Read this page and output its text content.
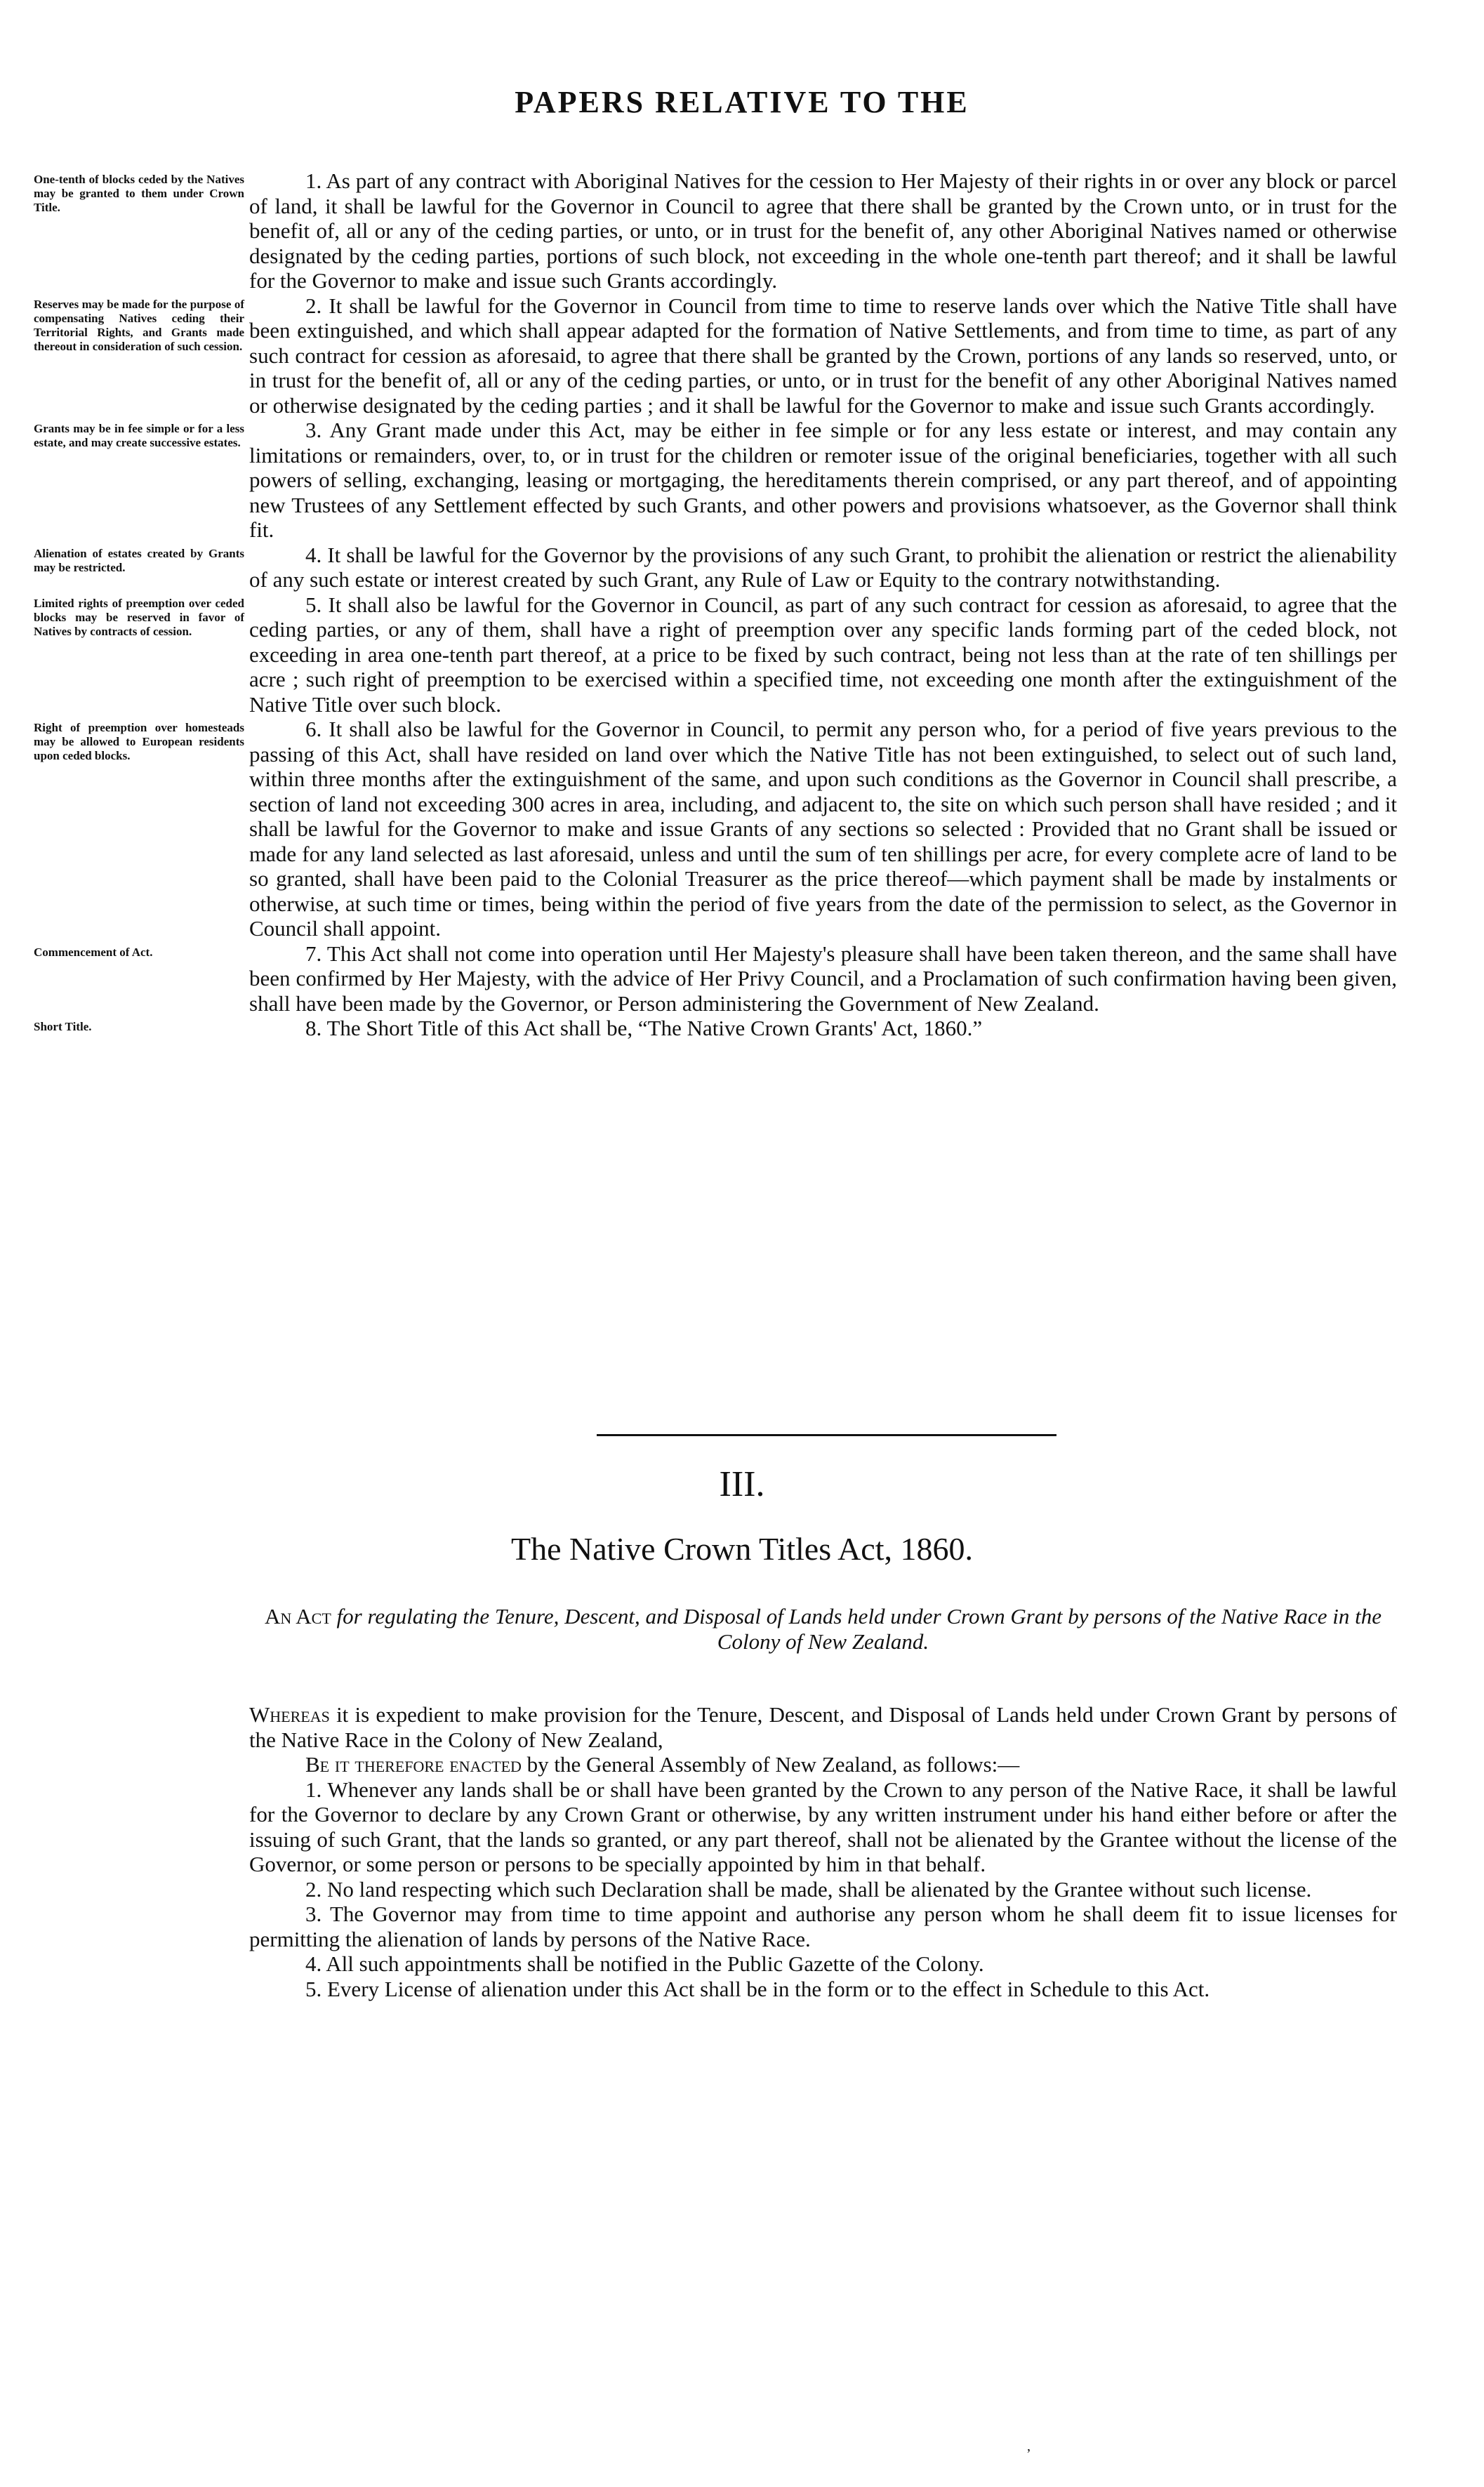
PAPERS RELATIVE TO THE
One-tenth of blocks ceded by the Natives may be granted to them under Crown Title.
1. As part of any contract with Aboriginal Natives for the cession to Her Majesty of their rights in or over any block or parcel of land, it shall be lawful for the Governor in Council to agree that there shall be granted by the Crown unto, or in trust for the benefit of, all or any of the ceding parties, or unto, or in trust for the benefit of, any other Aboriginal Natives named or otherwise designated by the ceding parties, portions of such block, not exceeding in the whole one-tenth part thereof; and it shall be lawful for the Governor to make and issue such Grants accordingly.
Reserves may be made for the purpose of compensating Natives ceding their Territorial Rights, and Grants made thereout in consideration of such cession.
2. It shall be lawful for the Governor in Council from time to time to reserve lands over which the Native Title shall have been extinguished, and which shall appear adapted for the formation of Native Settlements, and from time to time, as part of any such contract for cession as aforesaid, to agree that there shall be granted by the Crown, portions of any lands so reserved, unto, or in trust for the benefit of, all or any of the ceding parties, or unto, or in trust for the benefit of any other Aboriginal Natives named or otherwise designated by the ceding parties ; and it shall be lawful for the Governor to make and issue such Grants accordingly.
Grants may be in fee simple or for a less estate, and may create successive estates.
3. Any Grant made under this Act, may be either in fee simple or for any less estate or interest, and may contain any limitations or remainders, over, to, or in trust for the children or remoter issue of the original beneficiaries, together with all such powers of selling, exchanging, leasing or mortgaging, the hereditaments therein comprised, or any part thereof, and of appointing new Trustees of any Settlement effected by such Grants, and other powers and provisions whatsoever, as the Governor shall think fit.
Alienation of estates created by Grants may be restricted.
4. It shall be lawful for the Governor by the provisions of any such Grant, to prohibit the alienation or restrict the alienability of any such estate or interest created by such Grant, any Rule of Law or Equity to the contrary notwithstanding.
Limited rights of preemption over ceded blocks may be reserved in favor of Natives by contracts of cession.
5. It shall also be lawful for the Governor in Council, as part of any such contract for cession as aforesaid, to agree that the ceding parties, or any of them, shall have a right of preemption over any specific lands forming part of the ceded block, not exceeding in area one-tenth part thereof, at a price to be fixed by such contract, being not less than at the rate of ten shillings per acre ; such right of preemption to be exercised within a specified time, not exceeding one month after the extinguishment of the Native Title over such block.
Right of preemption over homesteads may be allowed to European residents upon ceded blocks.
6. It shall also be lawful for the Governor in Council, to permit any person who, for a period of five years previous to the passing of this Act, shall have resided on land over which the Native Title has not been extinguished, to select out of such land, within three months after the extinguishment of the same, and upon such conditions as the Governor in Council shall prescribe, a section of land not exceeding 300 acres in area, including, and adjacent to, the site on which such person shall have resided ; and it shall be lawful for the Governor to make and issue Grants of any sections so selected : Provided that no Grant shall be issued or made for any land selected as last aforesaid, unless and until the sum of ten shillings per acre, for every complete acre of land to be so granted, shall have been paid to the Colonial Treasurer as the price thereof—which payment shall be made by instalments or otherwise, at such time or times, being within the period of five years from the date of the permission to select, as the Governor in Council shall appoint.
Commencement of Act.	7. This Act shall not come into operation until Her Majesty's pleasure shall have been taken thereon, and the same shall have been confirmed by Her Majesty, with the advice of Her Privy Council, and a Proclamation of such confirmation having been given, shall have been made by the Governor, or Person administering the Government of New Zealand.
Short Title.	8. The Short Title of this Act shall be, “The Native Crown Grants' Act, 1860.”
III.
The Native Crown Titles Act, 1860.
An Act for regulating the Tenure, Descent, and Disposal of Lands held under Crown Grant by persons of the Native Race in the Colony of New Zealand.

Whereas it is expedient to make provision for the Tenure, Descent, and Disposal of Lands held under Crown Grant by persons of the Native Race in the Colony of New Zealand,

Be it therefore enacted by the General Assembly of New Zealand, as follows:—

1. Whenever any lands shall be or shall have been granted by the Crown to any person of the Native Race, it shall be lawful for the Governor to declare by any Crown Grant or otherwise, by any written instrument under his hand either before or after the issuing of such Grant, that the lands so granted, or any part thereof, shall not be alienated by the Grantee without the license of the Governor, or some person or persons to be specially appointed by him in that behalf.

2. No land respecting which such Declaration shall be made, shall be alienated by the Grantee without such license.

3. The Governor may from time to time appoint and authorise any person whom he shall deem fit to issue licenses for permitting the alienation of lands by persons of the Native Race.

4. All such appointments shall be notified in the Public Gazette of the Colony.

5. Every License of alienation under this Act shall be in the form or to the effect in Schedule to this Act.

’
